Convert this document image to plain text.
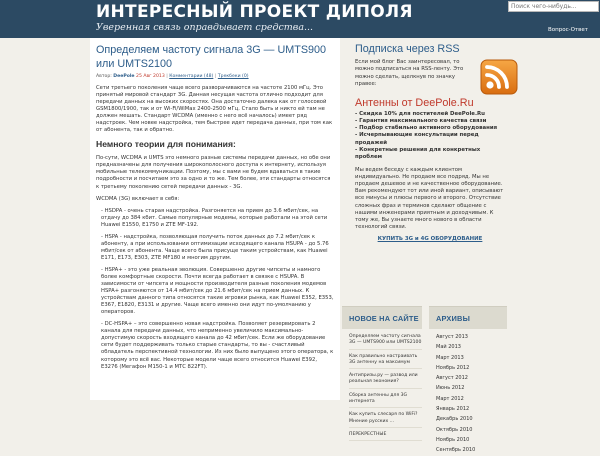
ИНТЕРЕСНЫЙ ПРОЕКТ ДИПОЛЯ
Уверенная связь оправдывает средства...
Поиск чего-нибудь...	Вопрос-Ответ
Определяем частоту сигнала 3G — UMTS900 или UMTS2100
Автор: DeePole 25 Авг 2013 | Комментарии (48) | Трекбеки (0)
Сети третьего поколения чаще всего разворачиваются на частоте 2100 мГц. Это принятый мировой стандарт 3G. Данная несущая частота отлично подходит для передачи данных на высоких скоростях. Она достаточно далека как от голосовой GSM1800/1900, так и от Wi-Fi/WiMax 2400-2500 мГц. Стало быть и никто ей там не должен мешать. Стандарт WCDMA (именно с него всё началось) имеет ряд надстроек. Чем новее надстройка, тем быстрее идет передача данных, при том как от абонента, так и обратно.
Немного теории для понимания:
По-сути, WCDMA и UMTS это немного разные системы передачи данных, но обе они предназначены для получения широкополосного доступа к интернету, используя мобильные телекоммуникации. Поэтому, мы с вами не будем вдаваться в такие подробности и посчитаем это за одно и то же. Тем более, эти стандарты относятся к третьему поколению сетей передачи данных - 3G.
WCDMA (3G) включает в себя:
- HSDPA - очень старая надстройка. Разгоняется на прием до 3.6 мбит/сек, на отдачу до 384 кбит. Самые популярные модемы, которые работали на этой сети Huawei E1550, E1750 и ZTE MF-192.
- HSPA - надстройка, позволяющая получить поток данных до 7.2 мбит/сек к абоненту, а при использовании оптимизации исходящего канала HSUPA - до 5.76 мбит/сек от абонента. Чаще всего была присуще таким устройствам, как Huawei E171, E173, E303, ZTE MF180 и многим другим.
- HSPA+ - это уже реальная эволюция. Совершенно другие чипсеты и намного более комфортные скорости. Почти всегда работает в связке с HSUPA. В зависимости от чипсета и мощности производителя разные поколения модемов HSPA+ разгоняются от 14.4 мбит/сек до 21.6 мбит/сек на прием данных. К устройствам данного типа относятся такие игровки рынка, как Huawei E352, E353, E367, E1820, E3131 и другие. Чаще всего именно они идут по-умолчанию у операторов.
- DC-HSPA+ – это совершенно новая надстройка. Позволяет резервировать 2 канала для передачи данных, что неприменно увеличило максимально-допустимую скорость входящего канала до 42 мбит/сек. Если же оборудование сети будет поддерживать только старые стандарты, то вы - счастливый обладатель перспективной технологии. Из них было выпущено этого оператора, к которому это всё вас. Некоторые модели чаще всего относится Huawei E392, E3276 (Мегафон M150-1 и МТС 822FT).
Подписка через RSS
Если мой блог Вас заинтересовал, то можно подписаться на RSS-ленту. Это можно сделать, щелкнув по значку правее:
Антенны от DeePole.Ru
- Скидка 10% для постителей DeePole.Ru
- Гарантия максимального качества связи
- Подбор стабильно активного оборудования
- Исчерпывающие консультации перед продажей
- Конкретные решения для конкретных проблем
Мы ведем беседу с каждым клиентом индивидуально. Не продаем все подряд. Мы не продаем дешевое и не качественное оборудование. Вам рекомендуют тот или иной вариант, описывают все минусы и плюсы первого и второго. Отсутствие сложных фраз и терминов сделают общение с нашими инженерами приятным и доходчивым. К тому же, Вы узнаете много нового в области технологий связи.
КУПИТЬ 3G и 4G ОБОРУДОВАНИЕ
НОВОЕ НА САЙТЕ
Определяем частоту сигнала 3G — UMTS900 или UMTS2100
Как правильно настраивать 3G антенну на максимум
Антипризы.ру — развод или реальная экономия?
Сборка антенны для 3G интернета
Как купить слесаря по WiFi? Мнение русских ...
ПЕРЕКРЕСТНЫЕ
АРХИВЫ
Август 2013
Май 2013
Март 2013
Ноябрь 2012
Август 2012
Июнь 2012
Март 2012
Январь 2012
Декабрь 2010
Октябрь 2010
Ноябрь 2010
Сентябрь 2010
